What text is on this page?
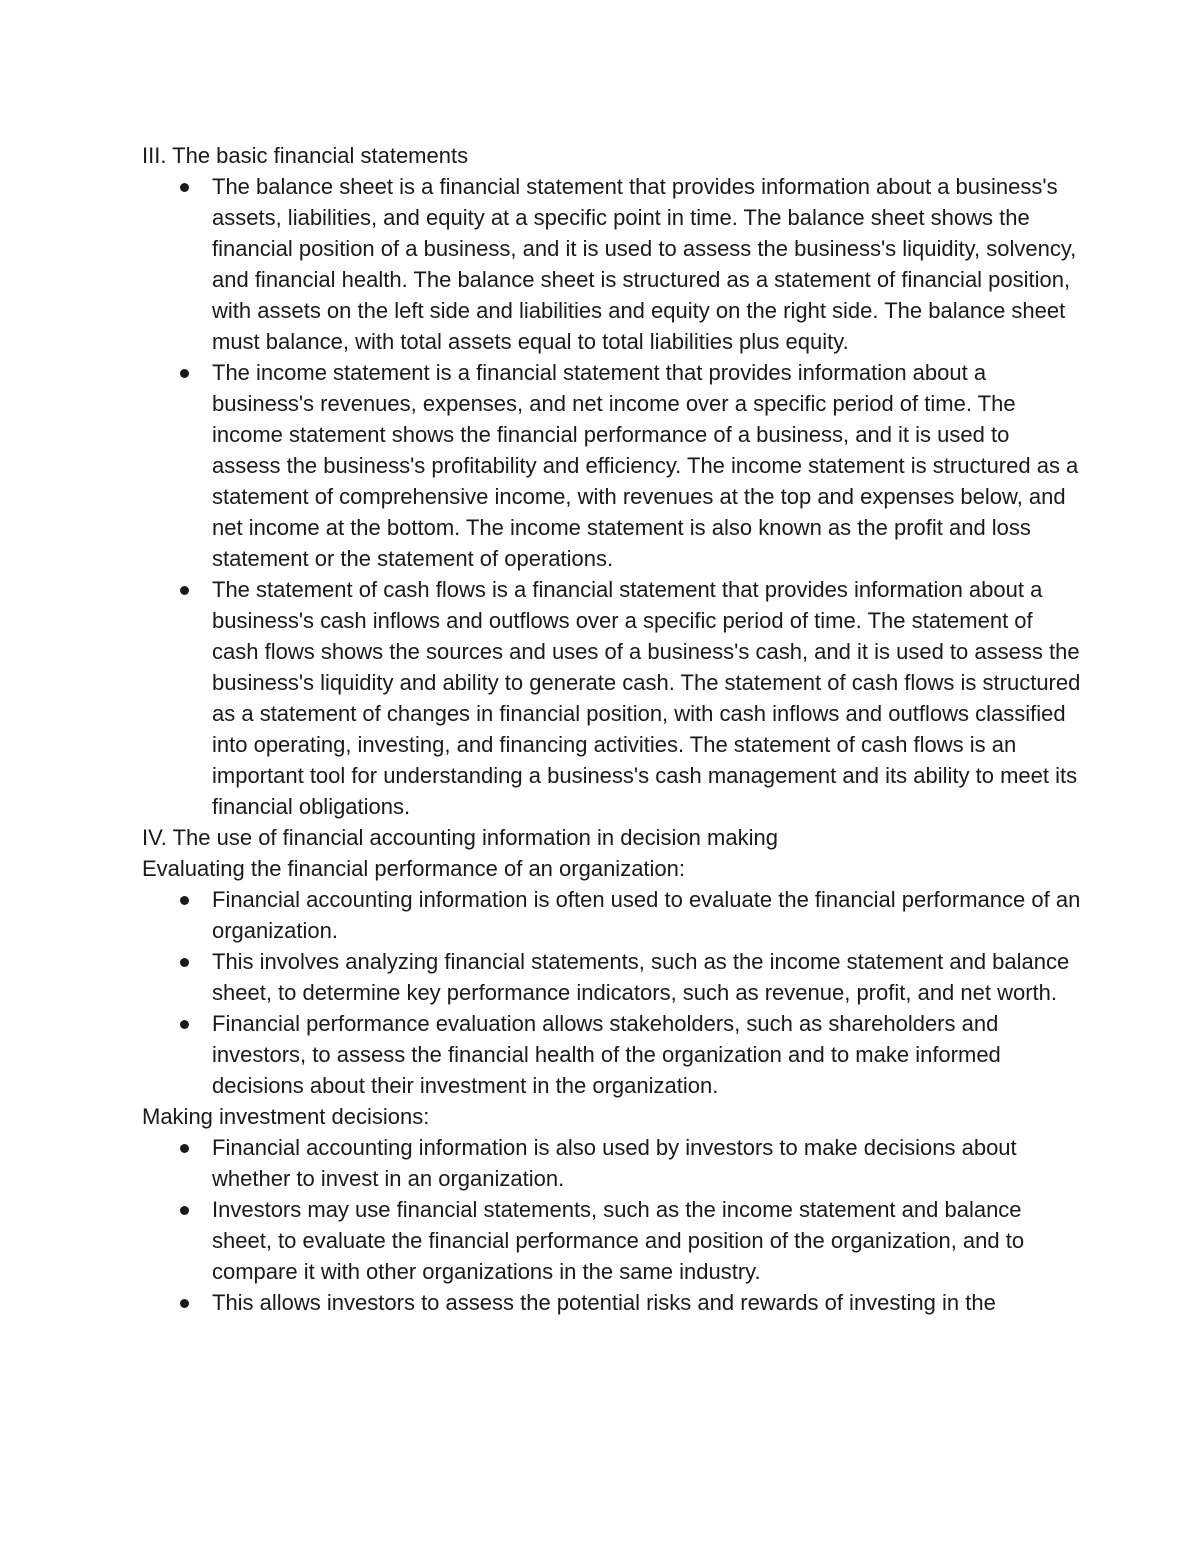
III. The basic financial statements

The balance sheet is a financial statement that provides information about a business's assets, liabilities, and equity at a specific point in time. The balance sheet shows the financial position of a business, and it is used to assess the business's liquidity, solvency, and financial health. The balance sheet is structured as a statement of financial position, with assets on the left side and liabilities and equity on the right side. The balance sheet must balance, with total assets equal to total liabilities plus equity.
The income statement is a financial statement that provides information about a business's revenues, expenses, and net income over a specific period of time. The income statement shows the financial performance of a business, and it is used to assess the business's profitability and efficiency. The income statement is structured as a statement of comprehensive income, with revenues at the top and expenses below, and net income at the bottom. The income statement is also known as the profit and loss statement or the statement of operations.
The statement of cash flows is a financial statement that provides information about a business's cash inflows and outflows over a specific period of time. The statement of cash flows shows the sources and uses of a business's cash, and it is used to assess the business's liquidity and ability to generate cash. The statement of cash flows is structured as a statement of changes in financial position, with cash inflows and outflows classified into operating, investing, and financing activities. The statement of cash flows is an important tool for understanding a business's cash management and its ability to meet its financial obligations.

IV. The use of financial accounting information in decision making

Evaluating the financial performance of an organization:

Financial accounting information is often used to evaluate the financial performance of an organization.
This involves analyzing financial statements, such as the income statement and balance sheet, to determine key performance indicators, such as revenue, profit, and net worth.
Financial performance evaluation allows stakeholders, such as shareholders and investors, to assess the financial health of the organization and to make informed decisions about their investment in the organization.

Making investment decisions:

Financial accounting information is also used by investors to make decisions about whether to invest in an organization.
Investors may use financial statements, such as the income statement and balance sheet, to evaluate the financial performance and position of the organization, and to compare it with other organizations in the same industry.
This allows investors to assess the potential risks and rewards of investing in the
